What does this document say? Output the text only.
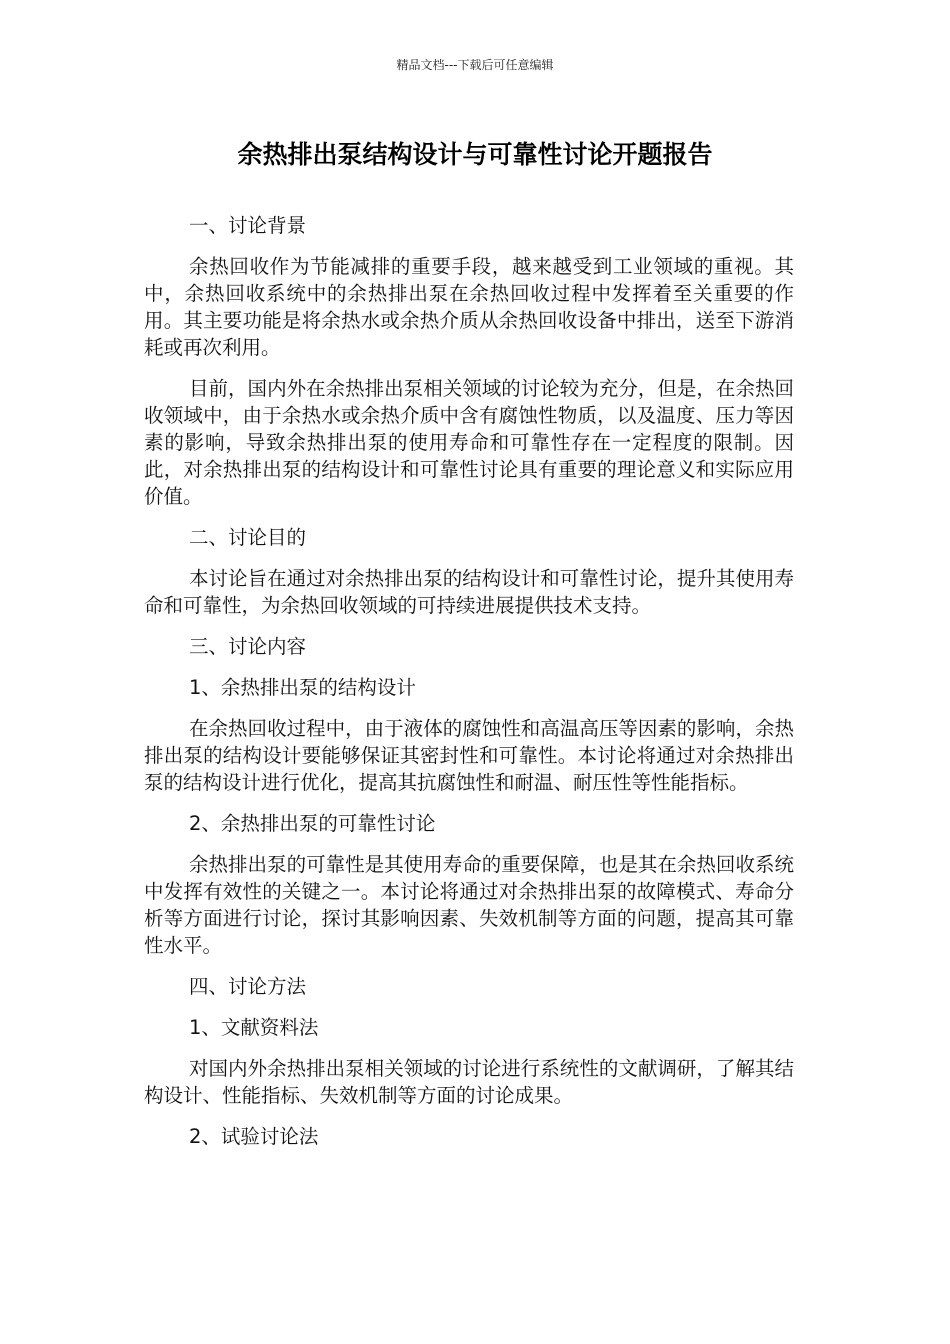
精品文档---下载后可任意编辑
余热排出泵结构设计与可靠性讨论开题报告

一、讨论背景

余热回收作为节能减排的重要手段，越来越受到工业领域的重视。其中，余热回收系统中的余热排出泵在余热回收过程中发挥着至关重要的作用。其主要功能是将余热水或余热介质从余热回收设备中排出，送至下游消耗或再次利用。

目前，国内外在余热排出泵相关领域的讨论较为充分，但是，在余热回收领域中，由于余热水或余热介质中含有腐蚀性物质，以及温度、压力等因素的影响，导致余热排出泵的使用寿命和可靠性存在一定程度的限制。因此，对余热排出泵的结构设计和可靠性讨论具有重要的理论意义和实际应用价值。

二、讨论目的

本讨论旨在通过对余热排出泵的结构设计和可靠性讨论，提升其使用寿命和可靠性，为余热回收领域的可持续进展提供技术支持。

三、讨论内容

1、余热排出泵的结构设计

在余热回收过程中，由于液体的腐蚀性和高温高压等因素的影响，余热排出泵的结构设计要能够保证其密封性和可靠性。本讨论将通过对余热排出泵的结构设计进行优化，提高其抗腐蚀性和耐温、耐压性等性能指标。

2、余热排出泵的可靠性讨论

余热排出泵的可靠性是其使用寿命的重要保障，也是其在余热回收系统中发挥有效性的关键之一。本讨论将通过对余热排出泵的故障模式、寿命分析等方面进行讨论，探讨其影响因素、失效机制等方面的问题，提高其可靠性水平。

四、讨论方法

1、文献资料法

对国内外余热排出泵相关领域的讨论进行系统性的文献调研，了解其结构设计、性能指标、失效机制等方面的讨论成果。

2、试验讨论法
